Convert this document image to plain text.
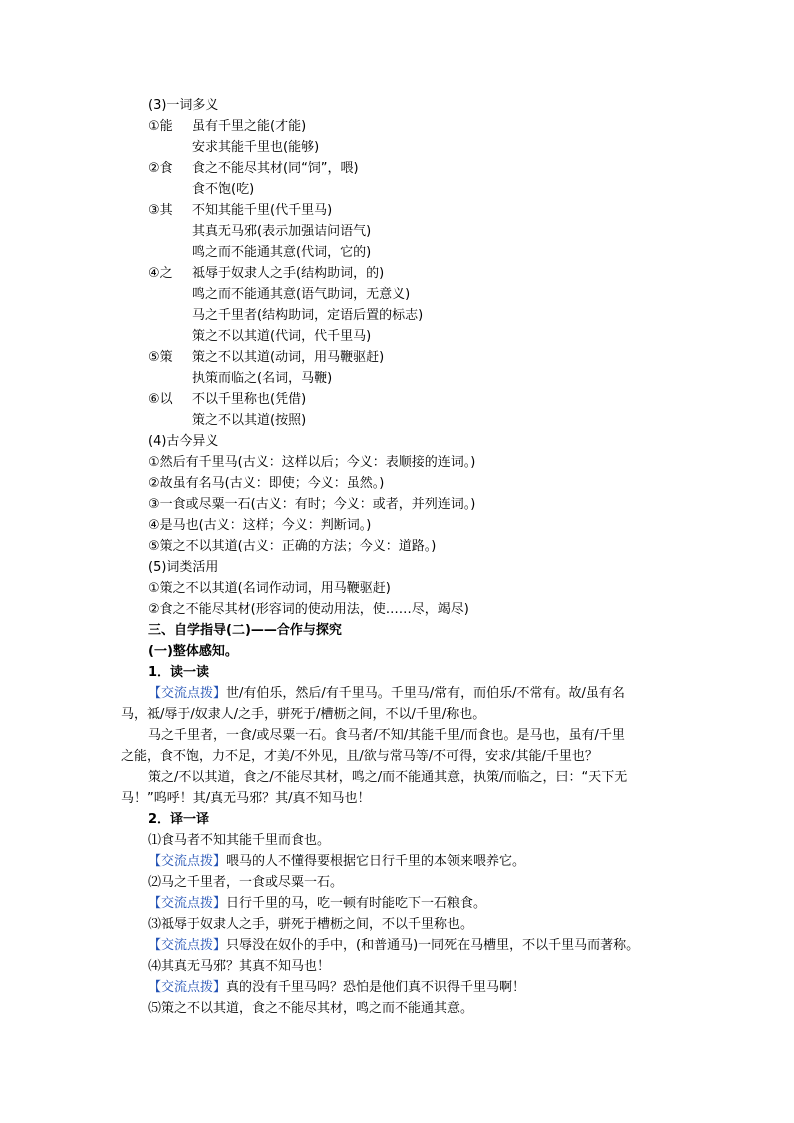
(3)一词多义
①能 虽有千里之能(才能)
安求其能千里也(能够)
②食 食之不能尽其材(同“饲”，喂)
食不饱(吃)
③其 不知其能千里(代千里马)
其真无马邪(表示加强诘问语气)
鸣之而不能通其意(代词，它的)
④之 祗辱于奴隶人之手(结构助词，的)
鸣之而不能通其意(语气助词，无意义)
马之千里者(结构助词，定语后置的标志)
策之不以其道(代词，代千里马)
⑤策 策之不以其道(动词，用马鞭驱赶)
执策而临之(名词，马鞭)
⑥以 不以千里称也(凭借)
策之不以其道(按照)
(4)古今异义
①然后有千里马(古义：这样以后；今义：表顺接的连词。)
②故虽有名马(古义：即使；今义：虽然。)
③一食或尽粟一石(古义：有时；今义：或者，并列连词。)
④是马也(古义：这样；今义：判断词。)
⑤策之不以其道(古义：正确的方法；今义：道路。)
(5)词类活用
①策之不以其道(名词作动词，用马鞭驱赶)
②食之不能尽其材(形容词的使动用法，使……尽，竭尽)
三、自学指导(二)——合作与探究
(一)整体感知。
1．读一读
【交流点拨】世/有伯乐，然后/有千里马。千里马/常有，而伯乐/不常有。故/虽有名
马，祗/辱于/奴隶人/之手，骈死于/槽枥之间，不以/千里/称也。
马之千里者，一食/或尽粟一石。食马者/不知/其能千里/而食也。是马也，虽有/千里
之能，食不饱，力不足，才美/不外见，且/欲与常马等/不可得，安求/其能/千里也？
策之/不以其道，食之/不能尽其材，鸣之/而不能通其意，执策/而临之，曰：“天下无
马！”呜呼！其/真无马邪？其/真不知马也！
2．译一译
⑴食马者不知其能千里而食也。
【交流点拨】喂马的人不懂得要根据它日行千里的本领来喂养它。
⑵马之千里者，一食或尽粟一石。
【交流点拨】日行千里的马，吃一顿有时能吃下一石粮食。
⑶祗辱于奴隶人之手，骈死于槽枥之间，不以千里称也。
【交流点拨】只辱没在奴仆的手中，(和普通马)一同死在马槽里，不以千里马而著称。
⑷其真无马邪？其真不知马也！
【交流点拨】真的没有千里马吗？恐怕是他们真不识得千里马啊！
⑸策之不以其道，食之不能尽其材，鸣之而不能通其意。
